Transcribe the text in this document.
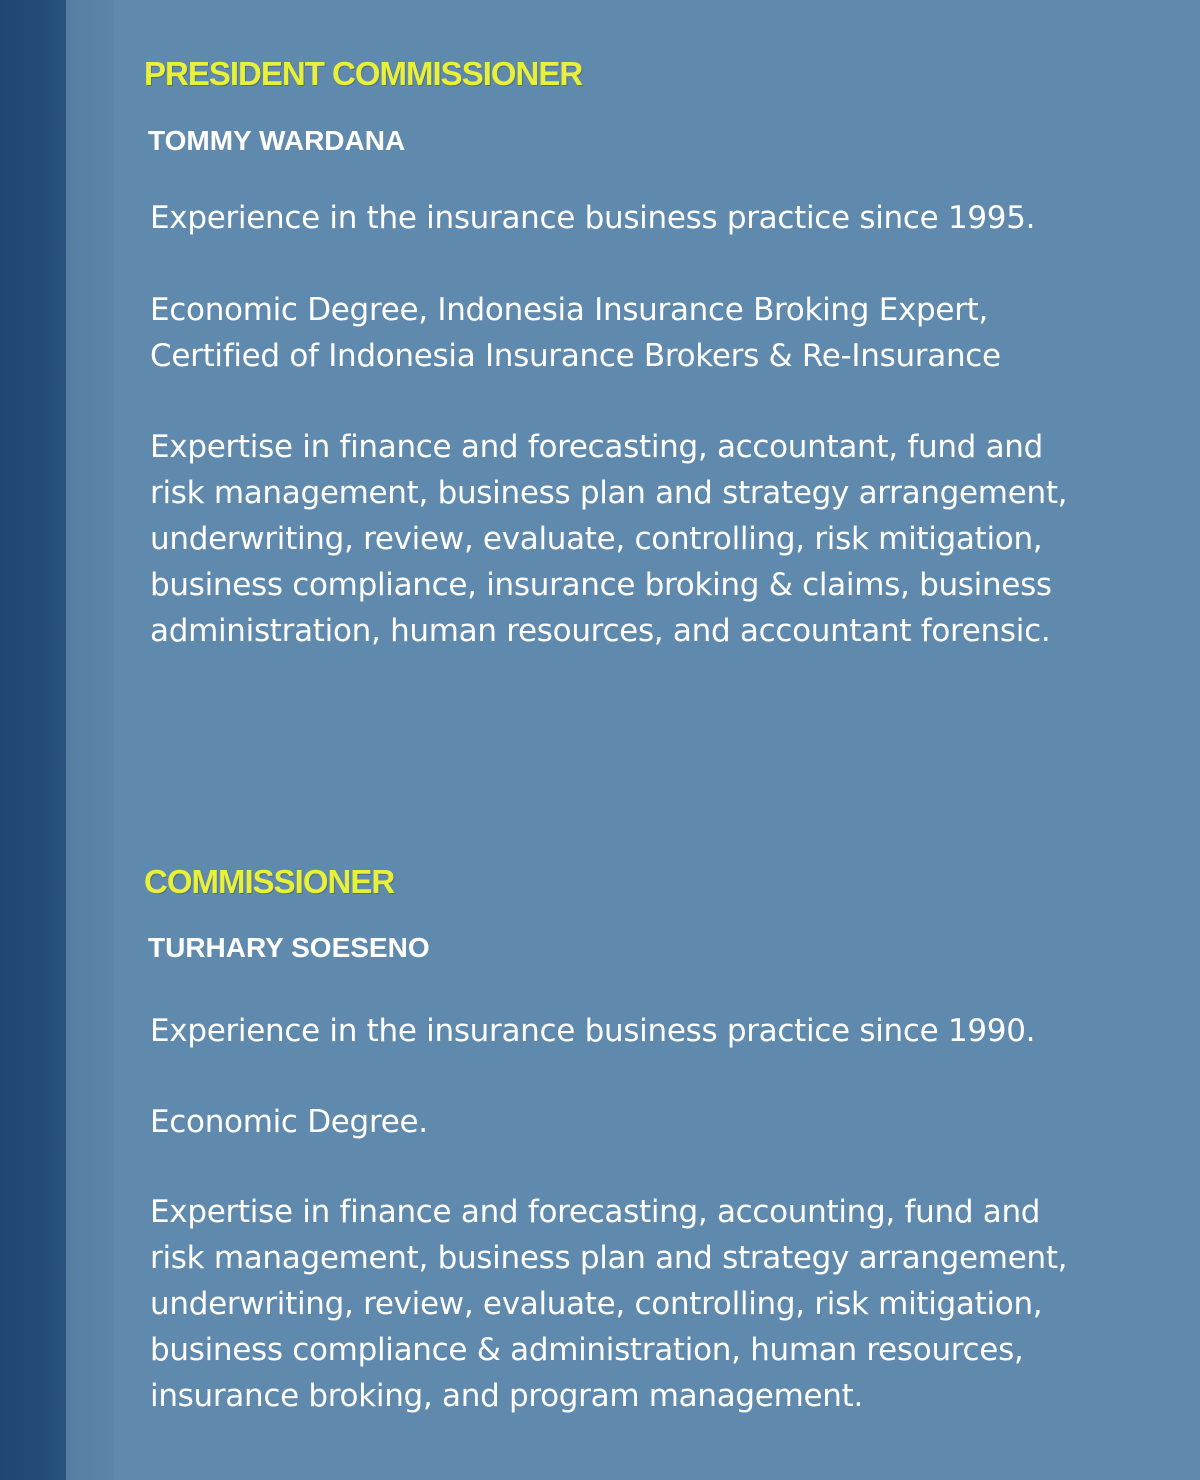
PRESIDENT COMMISSIONER
TOMMY WARDANA

Experience in the insurance business practice since 1995.

Economic Degree, Indonesia Insurance Broking Expert,
Certified of Indonesia Insurance Brokers & Re-Insurance

Expertise in finance and forecasting, accountant, fund and
risk management, business plan and strategy arrangement,
underwriting, review, evaluate, controlling, risk mitigation,
business compliance, insurance broking & claims, business
administration, human resources, and accountant forensic.

COMMISSIONER
TURHARY SOESENO

Experience in the insurance business practice since 1990.

Economic Degree.

Expertise in finance and forecasting, accounting, fund and
risk management, business plan and strategy arrangement,
underwriting, review, evaluate, controlling, risk mitigation,
business compliance & administration, human resources,
insurance broking, and program management.
